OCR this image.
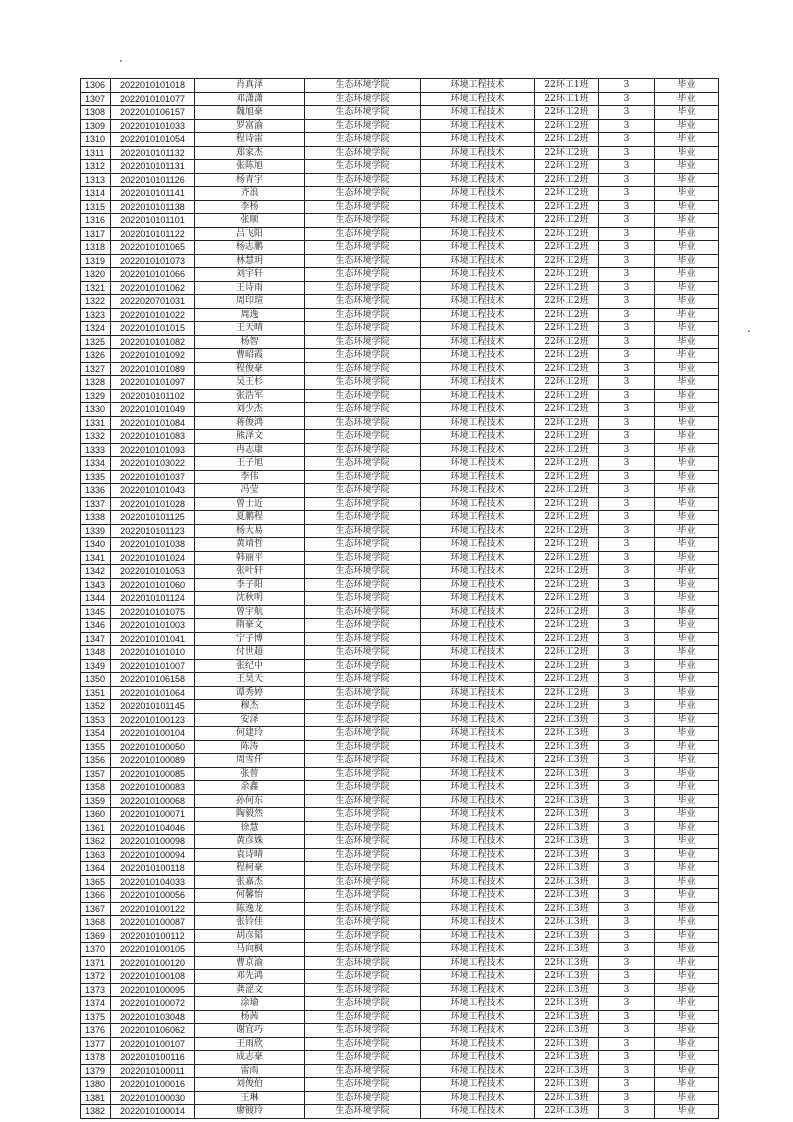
1306	2022010101018	肖真泽	生态环境学院	环境工程技术	22环工1班	3	毕业
1307	2022010101077	邓潇潇	生态环境学院	环境工程技术	22环工1班	3	毕业
1308	2022010106157	魏旭豪	生态环境学院	环境工程技术	22环工2班	3	毕业
1309	2022010101033	罗富渝	生态环境学院	环境工程技术	22环工2班	3	毕业
1310	2022010101054	程诗雷	生态环境学院	环境工程技术	22环工2班	3	毕业
1311	2022010101132	郑家杰	生态环境学院	环境工程技术	22环工2班	3	毕业
1312	2022010101131	张陈旭	生态环境学院	环境工程技术	22环工2班	3	毕业
1313	2022010101126	杨青宇	生态环境学院	环境工程技术	22环工2班	3	毕业
1314	2022010101141	齐浪	生态环境学院	环境工程技术	22环工2班	3	毕业
1315	2022010101138	李杨	生态环境学院	环境工程技术	22环工2班	3	毕业
1316	2022010101101	张顺	生态环境学院	环境工程技术	22环工2班	3	毕业
1317	2022010101122	吕飞阳	生态环境学院	环境工程技术	22环工2班	3	毕业
1318	2022010101065	杨志鹏	生态环境学院	环境工程技术	22环工2班	3	毕业
1319	2022010101073	林慧玥	生态环境学院	环境工程技术	22环工2班	3	毕业
1320	2022010101066	刘宇轩	生态环境学院	环境工程技术	22环工2班	3	毕业
1321	2022010101062	王诗雨	生态环境学院	环境工程技术	22环工2班	3	毕业
1322	2022020701031	周印瑄	生态环境学院	环境工程技术	22环工2班	3	毕业
1323	2022010101022	周逸	生态环境学院	环境工程技术	22环工2班	3	毕业
1324	2022010101015	王天晴	生态环境学院	环境工程技术	22环工2班	3	毕业
1325	2022010101082	杨智	生态环境学院	环境工程技术	22环工2班	3	毕业
1326	2022010101092	曹昭霞	生态环境学院	环境工程技术	22环工2班	3	毕业
1327	2022010101089	程俊豪	生态环境学院	环境工程技术	22环工2班	3	毕业
1328	2022010101097	吴王杉	生态环境学院	环境工程技术	22环工2班	3	毕业
1329	2022010101102	张浩军	生态环境学院	环境工程技术	22环工2班	3	毕业
1330	2022010101049	刘少杰	生态环境学院	环境工程技术	22环工2班	3	毕业
1331	2022010101084	蒋俊鸿	生态环境学院	环境工程技术	22环工2班	3	毕业
1332	2022010101083	熊泽文	生态环境学院	环境工程技术	22环工2班	3	毕业
1333	2022010101093	冉志康	生态环境学院	环境工程技术	22环工2班	3	毕业
1334	2022010103022	王子旭	生态环境学院	环境工程技术	22环工2班	3	毕业
1335	2022010101037	李伟	生态环境学院	环境工程技术	22环工2班	3	毕业
1336	2022010101043	冯莹	生态环境学院	环境工程技术	22环工2班	3	毕业
1337	2022010101028	曾士近	生态环境学院	环境工程技术	22环工2班	3	毕业
1338	2022010101125	夏鹏程	生态环境学院	环境工程技术	22环工2班	3	毕业
1339	2022010101123	杨大易	生态环境学院	环境工程技术	22环工2班	3	毕业
1340	2022010101038	黄靖哲	生态环境学院	环境工程技术	22环工2班	3	毕业
1341	2022010101024	韩丽平	生态环境学院	环境工程技术	22环工2班	3	毕业
1342	2022010101053	张叶轩	生态环境学院	环境工程技术	22环工2班	3	毕业
1343	2022010101060	李子阳	生态环境学院	环境工程技术	22环工2班	3	毕业
1344	2022010101124	沈秋明	生态环境学院	环境工程技术	22环工2班	3	毕业
1345	2022010101075	曾宇航	生态环境学院	环境工程技术	22环工2班	3	毕业
1346	2022010101003	隋豪文	生态环境学院	环境工程技术	22环工2班	3	毕业
1347	2022010101041	宁子博	生态环境学院	环境工程技术	22环工2班	3	毕业
1348	2022010101010	付世超	生态环境学院	环境工程技术	22环工2班	3	毕业
1349	2022010101007	张纪中	生态环境学院	环境工程技术	22环工2班	3	毕业
1350	2022010106158	王昊天	生态环境学院	环境工程技术	22环工2班	3	毕业
1351	2022010101064	谭秀婷	生态环境学院	环境工程技术	22环工2班	3	毕业
1352	2022010101145	穆杰	生态环境学院	环境工程技术	22环工2班	3	毕业
1353	2022010100123	安泽	生态环境学院	环境工程技术	22环工3班	3	毕业
1354	2022010100104	何建玲	生态环境学院	环境工程技术	22环工3班	3	毕业
1355	2022010100050	陈涛	生态环境学院	环境工程技术	22环工3班	3	毕业
1356	2022010100089	周雪仟	生态环境学院	环境工程技术	22环工3班	3	毕业
1357	2022010100085	张曾	生态环境学院	环境工程技术	22环工3班	3	毕业
1358	2022010100083	余鑫	生态环境学院	环境工程技术	22环工3班	3	毕业
1359	2022010100068	孙何东	生态环境学院	环境工程技术	22环工3班	3	毕业
1360	2022010100071	陶毅然	生态环境学院	环境工程技术	22环工3班	3	毕业
1361	2022010104046	徐慧	生态环境学院	环境工程技术	22环工3班	3	毕业
1362	2022010100098	黄彦姝	生态环境学院	环境工程技术	22环工3班	3	毕业
1363	2022010100094	袁诗晴	生态环境学院	环境工程技术	22环工3班	3	毕业
1364	2022010100118	程柯豪	生态环境学院	环境工程技术	22环工3班	3	毕业
1365	2022010104033	张嘉杰	生态环境学院	环境工程技术	22环工3班	3	毕业
1366	2022010100056	何馨怡	生态环境学院	环境工程技术	22环工3班	3	毕业
1367	2022010100122	陈逸龙	生态环境学院	环境工程技术	22环工3班	3	毕业
1368	2022010100087	张铃佳	生态环境学院	环境工程技术	22环工3班	3	毕业
1369	2022010100112	胡彦韬	生态环境学院	环境工程技术	22环工3班	3	毕业
1370	2022010100105	马向枫	生态环境学院	环境工程技术	22环工3班	3	毕业
1371	2022010100120	曹京渝	生态环境学院	环境工程技术	22环工3班	3	毕业
1372	2022010100108	邓先鸿	生态环境学院	环境工程技术	22环工3班	3	毕业
1373	2022010100095	龚涩文	生态环境学院	环境工程技术	22环工3班	3	毕业
1374	2022010100072	涂瑜	生态环境学院	环境工程技术	22环工3班	3	毕业
1375	2022010103048	杨茜	生态环境学院	环境工程技术	22环工3班	3	毕业
1376	2022010106062	谢宜巧	生态环境学院	环境工程技术	22环工3班	3	毕业
1377	2022010100107	王雨欣	生态环境学院	环境工程技术	22环工3班	3	毕业
1378	2022010100116	成志豪	生态环境学院	环境工程技术	22环工3班	3	毕业
1379	2022010100011	雷雨	生态环境学院	环境工程技术	22环工3班	3	毕业
1380	2022010100016	刘俊伯	生态环境学院	环境工程技术	22环工3班	3	毕业
1381	2022010100030	王琳	生态环境学院	环境工程技术	22环工3班	3	毕业
1382	2022010100014	廖镀玲	生态环境学院	环境工程技术	22环工3班	3	毕业
